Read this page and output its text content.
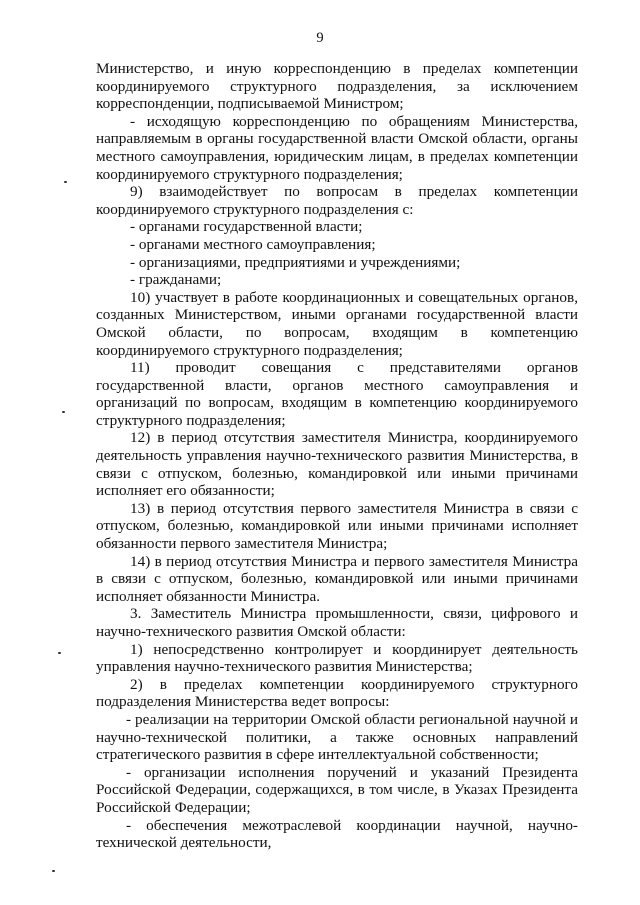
9

Министерство, и иную корреспонденцию в пределах компетенции координируемого структурного подразделения, за исключением корреспонденции, подписываемой Министром;

- исходящую корреспонденцию по обращениям Министерства, направляемым в органы государственной власти Омской области, органы местного самоуправления, юридическим лицам, в пределах компетенции координируемого структурного подразделения;

9) взаимодействует по вопросам в пределах компетенции координируемого структурного подразделения с:

- органами государственной власти;

- органами местного самоуправления;

- организациями, предприятиями и учреждениями;

- гражданами;

10) участвует в работе координационных и совещательных органов, созданных Министерством, иными органами государственной власти Омской области, по вопросам, входящим в компетенцию координируемого структурного подразделения;

11) проводит совещания с представителями органов государственной власти, органов местного самоуправления и организаций по вопросам, входящим в компетенцию координируемого структурного подразделения;

12) в период отсутствия заместителя Министра, координируемого деятельность управления научно-технического развития Министерства, в связи с отпуском, болезнью, командировкой или иными причинами исполняет его обязанности;

13) в период отсутствия первого заместителя Министра в связи с отпуском, болезнью, командировкой или иными причинами исполняет обязанности первого заместителя Министра;

14) в период отсутствия Министра и первого заместителя Министра в связи с отпуском, болезнью, командировкой или иными причинами исполняет обязанности Министра.

3. Заместитель Министра промышленности, связи, цифрового и научно-технического развития Омской области:

1) непосредственно контролирует и координирует деятельность управления научно-технического развития Министерства;

2) в пределах компетенции координируемого структурного подразделения Министерства ведет вопросы:

- реализации на территории Омской области региональной научной и научно-технической политики, а также основных направлений стратегического развития в сфере интеллектуальной собственности;

- организации исполнения поручений и указаний Президента Российской Федерации, содержащихся, в том числе, в Указах Президента Российской Федерации;

- обеспечения межотраслевой координации научной, научно-технической деятельности,
